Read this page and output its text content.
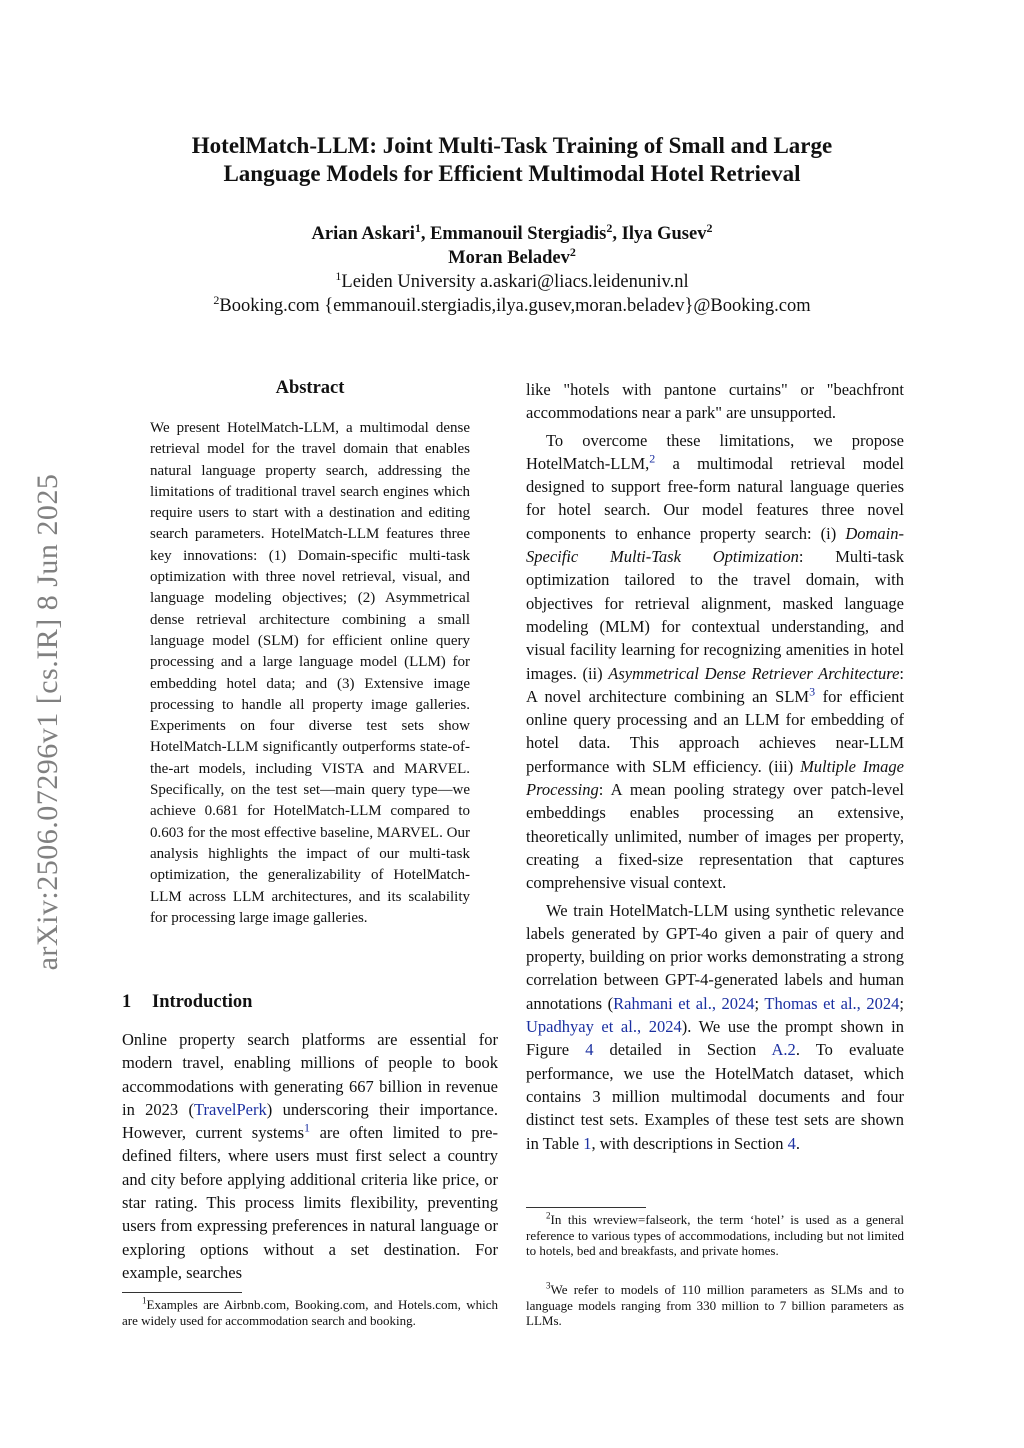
HotelMatch-LLM: Joint Multi-Task Training of Small and Large
Language Models for Efficient Multimodal Hotel Retrieval
Arian Askari$^1$, Emmanouil Stergiadis$^2$, Ilya Gusev$^2$
Moran Beladev$^2$
$^1$Leiden University a.askari@liacs.leidenuniv.nl
$^2$Booking.com {emmanouil.stergiadis,ilya.gusev,moran.beladev}@Booking.com
arXiv:2506.07296v1 [cs.IR] 8 Jun 2025
Abstract
We present HotelMatch-LLM, a multimodal dense retrieval model for the travel domain that enables natural language property search, addressing the limitations of traditional travel search engines which require users to start with a destination and editing search parameters. HotelMatch-LLM features three key innovations: (1) Domain-specific multi-task optimization with three novel retrieval, visual, and language modeling objectives; (2) Asymmetrical dense retrieval architecture combining a small language model (SLM) for efficient online query processing and a large language model (LLM) for embedding hotel data; and (3) Extensive image processing to handle all property image galleries. Experiments on four diverse test sets show HotelMatch-LLM significantly outperforms state-of-the-art models, including VISTA and MARVEL. Specifically, on the test set—main query type—we achieve 0.681 for HotelMatch-LLM compared to 0.603 for the most effective baseline, MARVEL. Our analysis highlights the impact of our multi-task optimization, the generalizability of HotelMatch-LLM across LLM architectures, and its scalability for processing large image galleries.
1 Introduction

Online property search platforms are essential for modern travel, enabling millions of people to book accommodations with generating 667 billion in revenue in 2023 (TravelPerk) underscoring their importance. However, current systems$^1$ are often limited to pre-defined filters, where users must first select a country and city before applying additional criteria like price, or star rating. This process limits flexibility, preventing users from expressing preferences in natural language or exploring options without a set destination. For example, searches

like "hotels with pantone curtains" or "beachfront accommodations near a park" are unsupported.

To overcome these limitations, we propose HotelMatch-LLM,$^2$ a multimodal retrieval model designed to support free-form natural language queries for hotel search. Our model features three novel components to enhance property search: (i) Domain-Specific Multi-Task Optimization: Multi-task optimization tailored to the travel domain, with objectives for retrieval alignment, masked language modeling (MLM) for contextual understanding, and visual facility learning for recognizing amenities in hotel images. (ii) Asymmetrical Dense Retriever Architecture: A novel architecture combining an SLM$^3$ for efficient online query processing and an LLM for embedding of hotel data. This approach achieves near-LLM performance with SLM efficiency. (iii) Multiple Image Processing: A mean pooling strategy over patch-level embeddings enables processing an extensive, theoretically unlimited, number of images per property, creating a fixed-size representation that captures comprehensive visual context.

We train HotelMatch-LLM using synthetic relevance labels generated by GPT-4o given a pair of query and property, building on prior works demonstrating a strong correlation between GPT-4-generated labels and human annotations (Rahmani et al., 2024; Thomas et al., 2024; Upadhyay et al., 2024). We use the prompt shown in Figure 4 detailed in Section A.2. To evaluate performance, we use the HotelMatch dataset, which contains 3 million multimodal documents and four distinct test sets. Examples of these test sets are shown in Table 1, with descriptions in Section 4.

$^1$Examples are Airbnb.com, Booking.com, and Hotels.com, which are widely used for accommodation search and booking.

$^2$In this wreview=falseork, the term ‘hotel’ is used as a general reference to various types of accommodations, including but not limited to hotels, bed and breakfasts, and private homes.

$^3$We refer to models of 110 million parameters as SLMs and to language models ranging from 330 million to 7 billion parameters as LLMs.
